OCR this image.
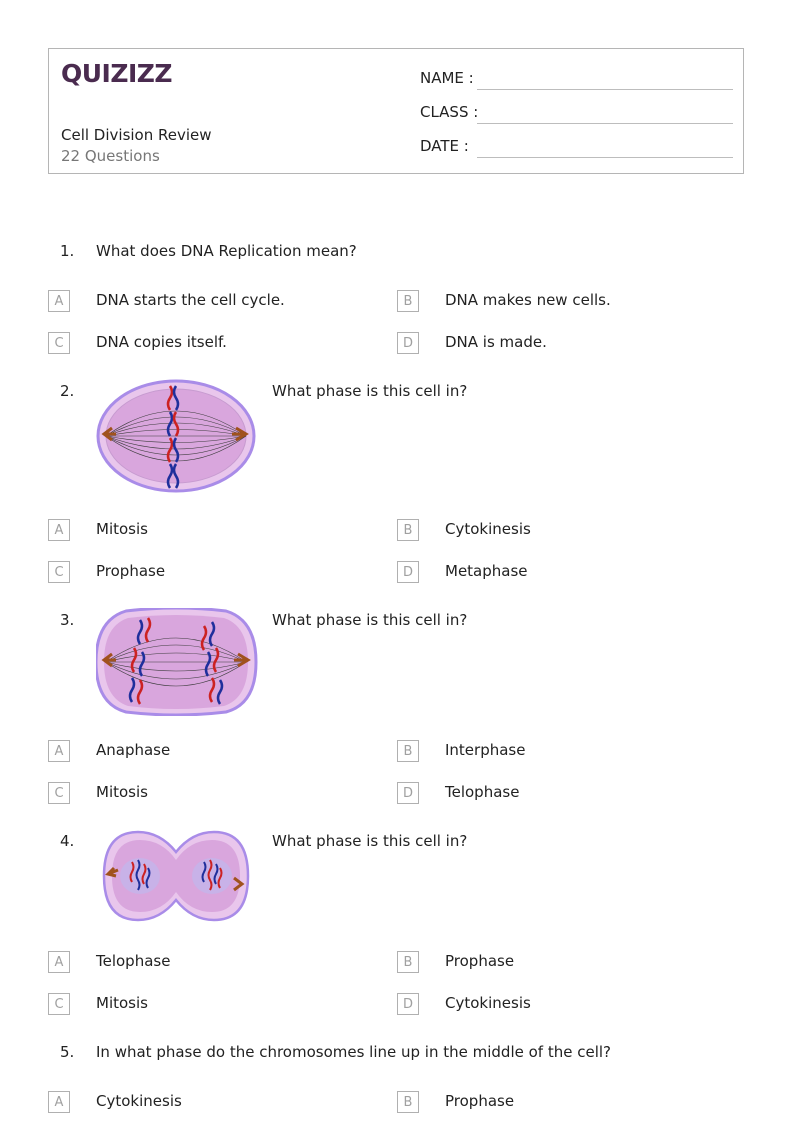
QUIZIZZ
Cell Division Review
22 Questions
NAME :
CLASS :
DATE :
1. What does DNA Replication mean?
A	DNA starts the cell cycle.	B	DNA makes new cells.
C	DNA copies itself.	D	DNA is made.
2.	What phase is this cell in?
A	Mitosis	B	Cytokinesis
C	Prophase	D	Metaphase
3.	What phase is this cell in?
A	Anaphase	B	Interphase
C	Mitosis	D	Telophase
4.	What phase is this cell in?
A	Telophase	B	Prophase
C	Mitosis	D	Cytokinesis
5. In what phase do the chromosomes line up in the middle of the cell?
A	Cytokinesis	B	Prophase
